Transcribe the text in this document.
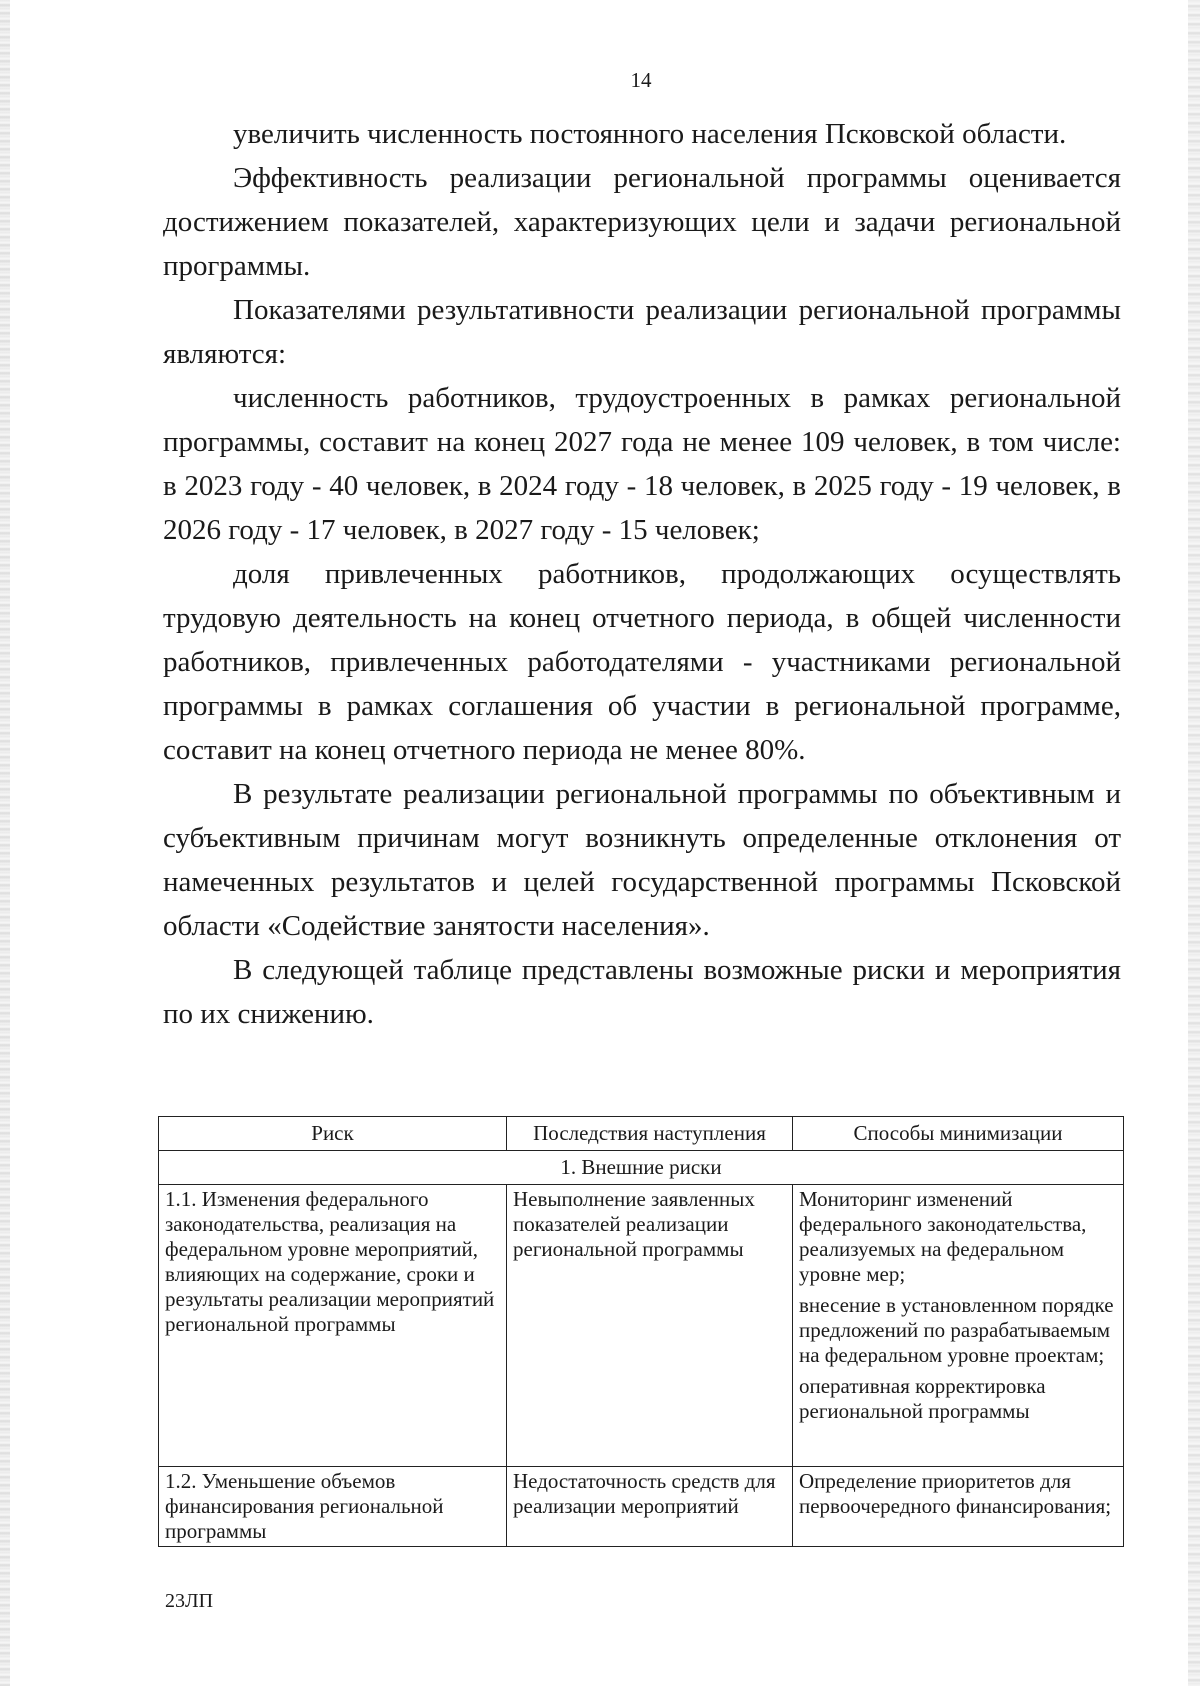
14

увеличить численность постоянного населения Псковской области.

Эффективность реализации региональной программы оценивается достижением показателей, характеризующих цели и задачи региональной программы.

Показателями результативности реализации региональной программы являются:

численность работников, трудоустроенных в рамках региональной программы, составит на конец 2027 года не менее 109 человек, в том числе: в 2023 году - 40 человек, в 2024 году - 18 человек, в 2025 году - 19 человек, в 2026 году - 17 человек, в 2027 году - 15 человек;

доля привлеченных работников, продолжающих осуществлять трудовую деятельность на конец отчетного периода, в общей численности работников, привлеченных работодателями - участниками региональной программы в рамках соглашения об участии в региональной программе, составит на конец отчетного периода не менее 80%.

В результате реализации региональной программы по объективным и субъективным причинам могут возникнуть определенные отклонения от намеченных результатов и целей государственной программы Псковской области «Содействие занятости населения».

В следующей таблице представлены возможные риски и мероприятия по их снижению.

Риск	Последствия наступления	Способы минимизации
1. Внешние риски		
1.1. Изменения федерального законодательства, реализация на федеральном уровне мероприятий, влияющих на содержание, сроки и результаты реализации мероприятий региональной программы	Невыполнение заявленных показателей реализации региональной программы	Мониторинг изменений федерального законодательства, реализуемых на федеральном уровне мер;

внесение в установленном порядке предложений по разрабатываемым на федеральном уровне проектам;

оперативная корректировка региональной программы

1.2. Уменьшение объемов финансирования региональной программы	Недостаточность средств для реализации мероприятий	Определение приоритетов для первоочередного финансирования;

23ЛП
